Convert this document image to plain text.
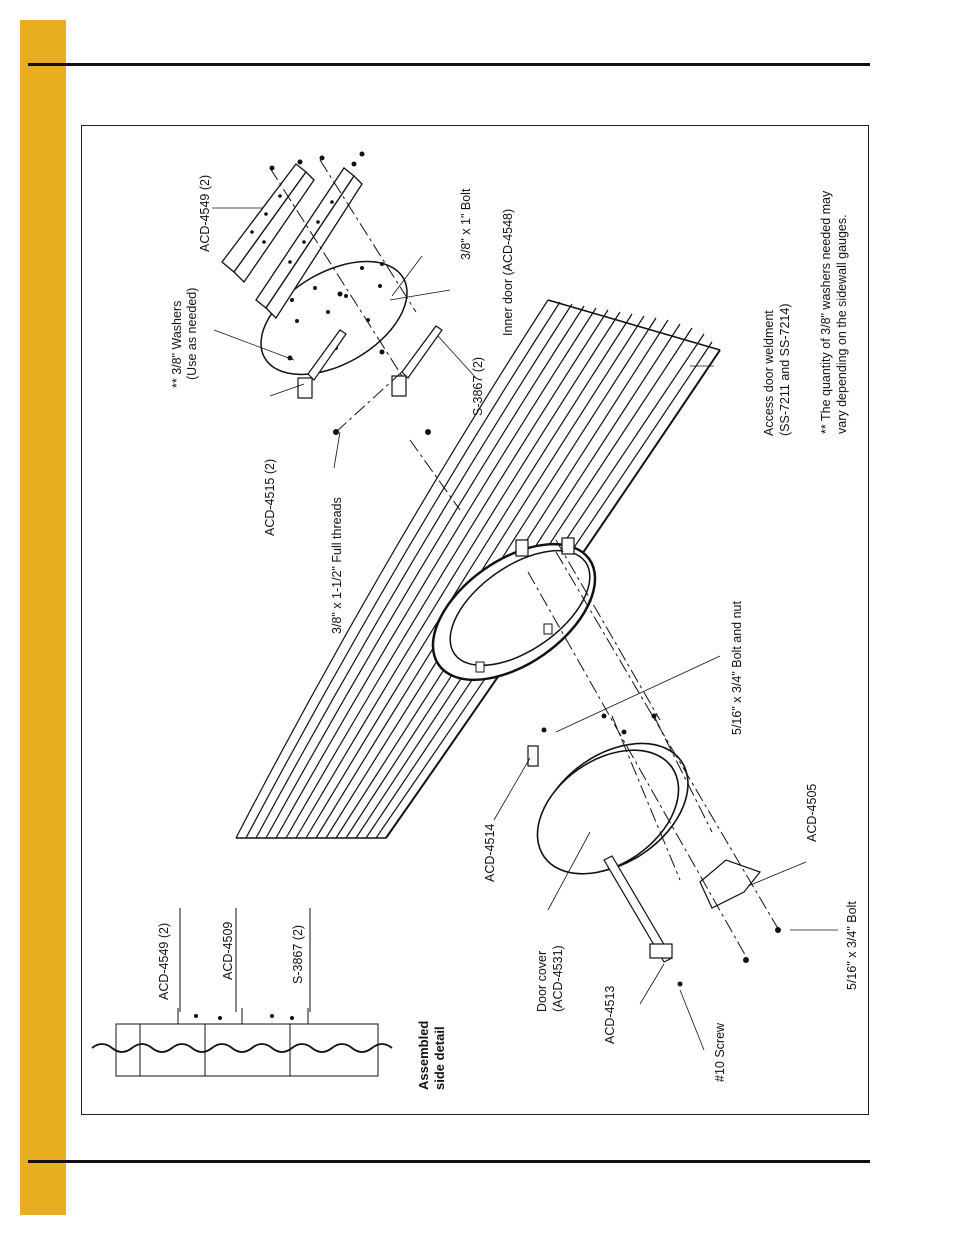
ACD-4549 (2)
** 3/8" Washers (Use as needed)
ACD-4515 (2)	3/8" x 1-1/2" Full threads
3/8" x 1" Bolt Inner door (ACD-4548)
S-3867 (2)	Access door weldment (SS-7211 and SS-7214) ** The quantity of 3/8" washers needed may vary depending on the sidewall gauges.
5/16" x 3/4" Bolt and nut
ACD-4514
ACD-4505
Door cover (ACD-4531)
ACD-4513
#10 Screw
5/16" x 3/4" Bolt
ACD-4549 (2)	ACD-4509	S-3867 (2)
Assembled side detail
